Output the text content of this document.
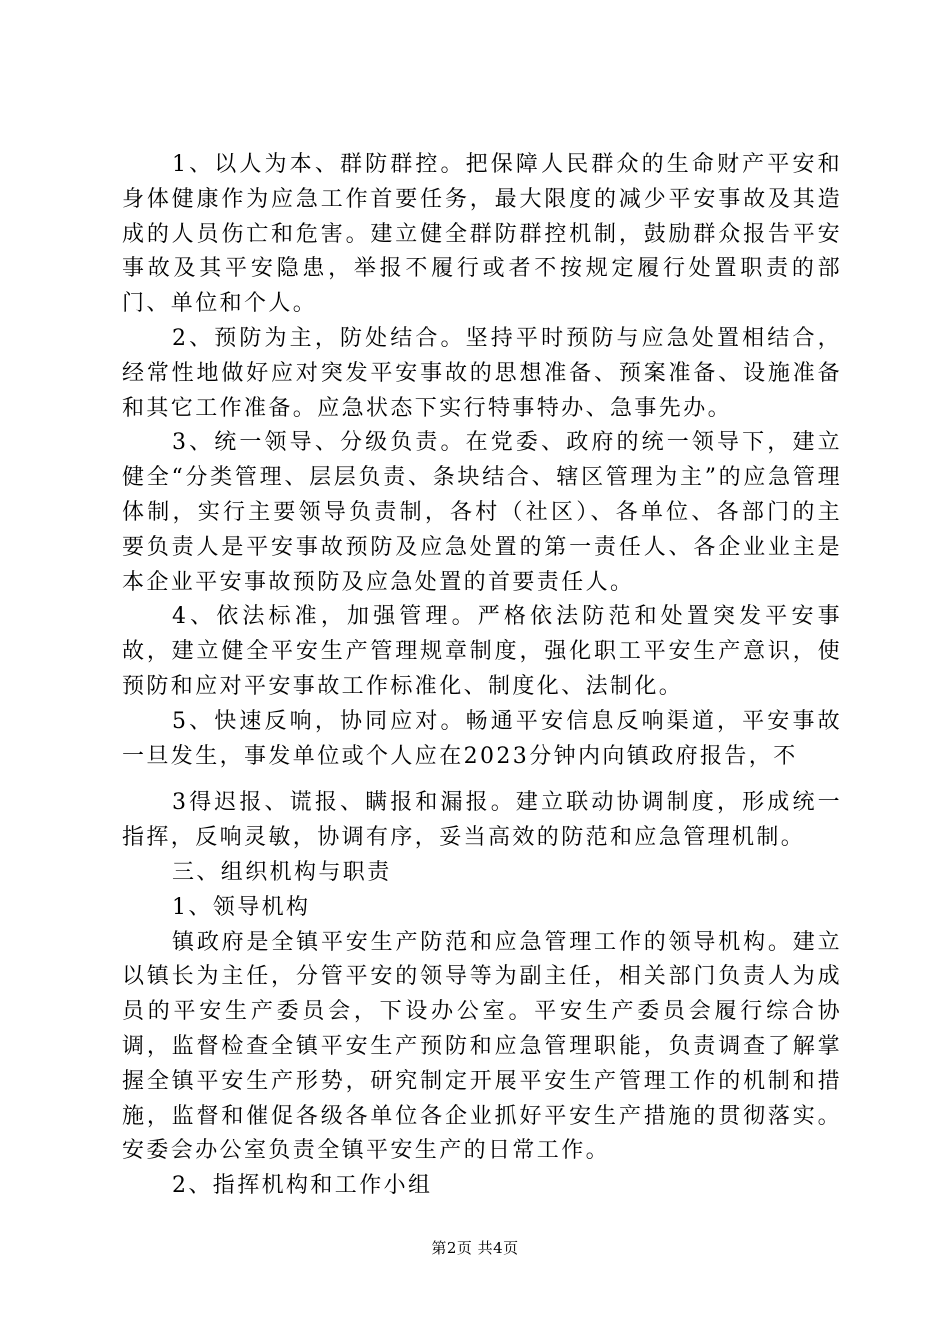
1、以人为本、群防群控。把保障人民群众的生命财产平安和身体健康作为应急工作首要任务，最大限度的减少平安事故及其造成的人员伤亡和危害。建立健全群防群控机制，鼓励群众报告平安事故及其平安隐患，举报不履行或者不按规定履行处置职责的部门、单位和个人。

2、预防为主，防处结合。坚持平时预防与应急处置相结合，经常性地做好应对突发平安事故的思想准备、预案准备、设施准备和其它工作准备。应急状态下实行特事特办、急事先办。

3、统一领导、分级负责。在党委、政府的统一领导下，建立健全“分类管理、层层负责、条块结合、辖区管理为主”的应急管理体制，实行主要领导负责制，各村（社区）、各单位、各部门的主要负责人是平安事故预防及应急处置的第一责任人、各企业业主是本企业平安事故预防及应急处置的首要责任人。

4、依法标准，加强管理。严格依法防范和处置突发平安事故，建立健全平安生产管理规章制度，强化职工平安生产意识，使预防和应对平安事故工作标准化、制度化、法制化。

5、快速反响，协同应对。畅通平安信息反响渠道，平安事故一旦发生，事发单位或个人应在2023分钟内向镇政府报告，不

3得迟报、谎报、瞒报和漏报。建立联动协调制度，形成统一指挥，反响灵敏，协调有序，妥当高效的防范和应急管理机制。

三、组织机构与职责

1、领导机构

镇政府是全镇平安生产防范和应急管理工作的领导机构。建立以镇长为主任，分管平安的领导等为副主任，相关部门负责人为成员的平安生产委员会，下设办公室。平安生产委员会履行综合协调，监督检查全镇平安生产预防和应急管理职能，负责调查了解掌握全镇平安生产形势，研究制定开展平安生产管理工作的机制和措施，监督和催促各级各单位各企业抓好平安生产措施的贯彻落实。安委会办公室负责全镇平安生产的日常工作。

2、指挥机构和工作小组

第2页 共4页
